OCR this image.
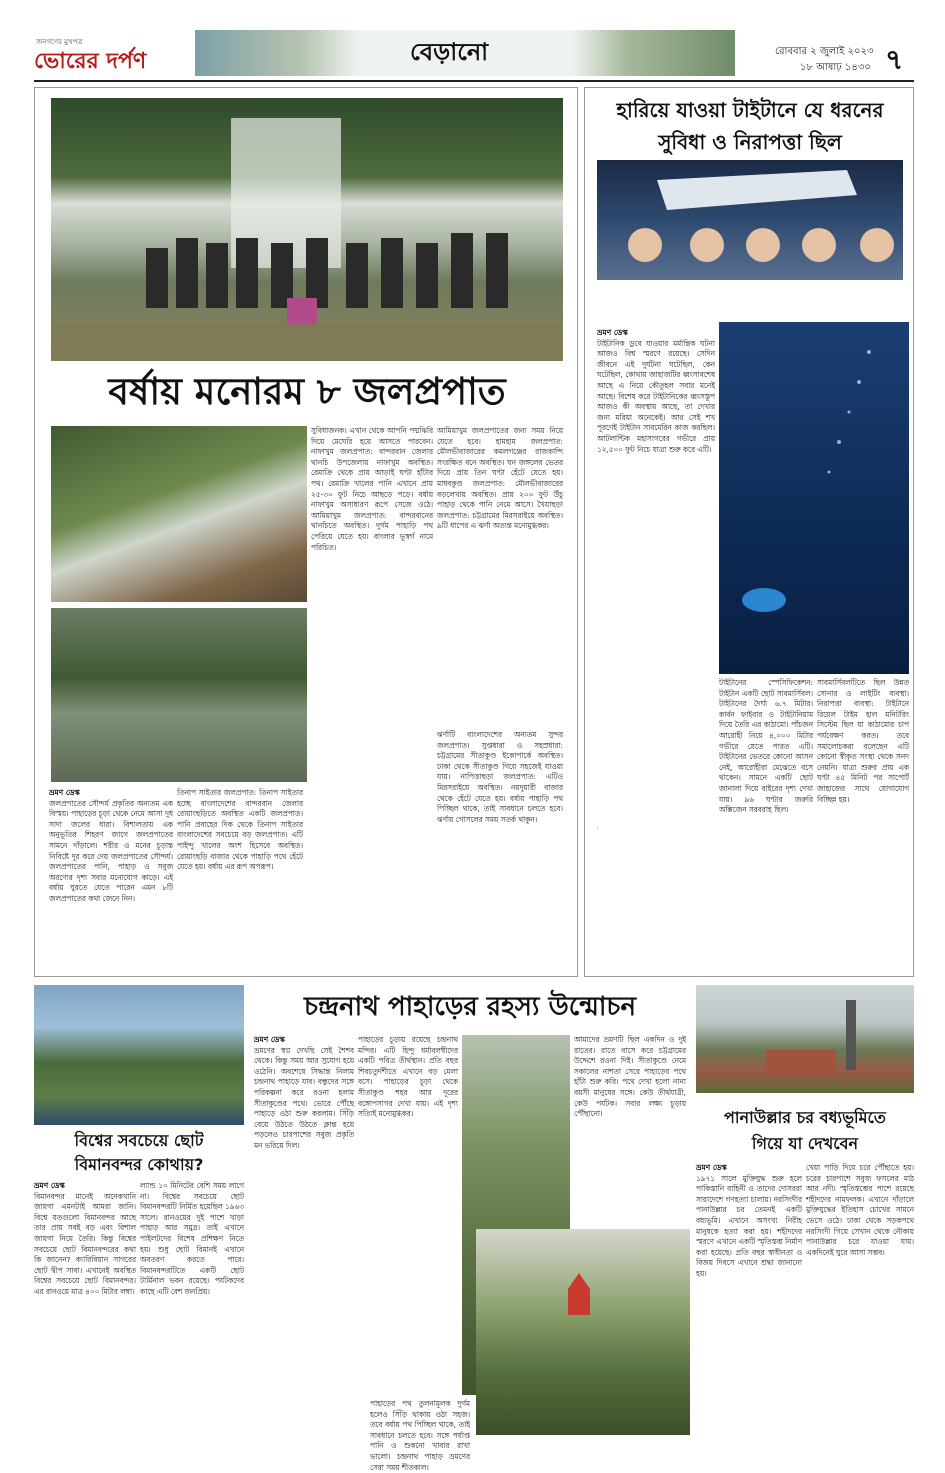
জনগণের মুখপত্র
ভোরের দর্পণ	বেড়ানো	রোববার ২ জুলাই ২০২৩
১৮ আষাঢ় ১৪৩০ ৭
বর্ষায় মনোরম ৮ জলপ্রপাত
ভ্রমণ ডেস্ক

জলপ্রপাতের সৌন্দর্য প্রকৃতির অন্যতম এক বিস্ময়। পাহাড়ের চূড়া থেকে নেমে আসা দুধ সাদা জলের ধারা। বিশালতায় এক অনুভূতির শিহরণ জাগে জলপ্রপাতের সামনে দাঁড়ালে। শরীর ও মনের চূড়ান্ত নিবিষ্টে দূর করে দেয় জলপ্রপাতের সৌন্দর্য। জলপ্রপাতের পানি, পাহাড় ও সবুজ অরণ্যের দৃশ্য সবার মনোযোগ কাড়ে। এই বর্ষায় ঘুরতে যেতে পারেন এমন ৮টি জলপ্রপাতের কথা জেনে নিন।

তিনাপ সাইতার জলপ্রপাত: তিনাপ সাইতার হচ্ছে বাংলাদেশের বান্দরবান জেলার রোয়াংছড়িতে অবস্থিত একটি জলপ্রপাত। পানি প্রবাহের দিক থেকে তিনাপ সাইতার বাংলাদেশের সবচেয়ে বড় জলপ্রপাত। এটি পাইন্দু খালের অংশ হিসেবে অবস্থিত। রোয়াংছড়ি বাজার থেকে পাহাড়ি পথে হেঁটে যেতে হয়। বর্ষায় এর রূপ অপরূপ।

সুবিধাজনক। এখান থেকে আপনি পদ্মঝিরি দিয়ে মেঘেরি হয়ে আসতে পারবেন। নাফাখুম জলপ্রপাত: বান্দরবান জেলার থানচি উপজেলায় নাফাখুম অবস্থিত। রেমাক্রি থেকে প্রায় আড়াই ঘণ্টা হাঁটার পথ। রেমাক্রি খালের পানি এখানে প্রায় ২৫-৩০ ফুট নিচে আছড়ে পড়ে। বর্ষায় নাফাখুম অসাধারণ রূপে সেজে ওঠে। আমিয়াখুম জলপ্রপাত: বান্দরবানের থানচিতে অবস্থিত। দুর্গম পাহাড়ি পথ পেরিয়ে যেতে হয়। বাংলার ভূস্বর্গ নামে পরিচিত।

আমিয়াখুম জলপ্রপাতের জন্য সময় নিয়ে যেতে হবে। হামহাম জলপ্রপাত: মৌলভীবাজারের কমলগঞ্জের রাজকান্দি সংরক্ষিত বনে অবস্থিত। ঘন জঙ্গলের ভেতর দিয়ে প্রায় তিন ঘণ্টা হেঁটে যেতে হয়। মাধবকুণ্ড জলপ্রপাত: মৌলভীবাজারের বড়লেখায় অবস্থিত। প্রায় ২০০ ফুট উঁচু পাহাড় থেকে পানি নেমে আসে। খৈয়াছড়া জলপ্রপাত: চট্টগ্রামের মিরসরাইয়ে অবস্থিত। ৯টি ধাপের এ ঝর্ণা অত্যন্ত মনোমুগ্ধকর।

ঝর্ণাটি বাংলাদেশের অন্যতম সুন্দর জলপ্রপাত। সুপ্তধারা ও সহস্রধারা: চট্টগ্রামের সীতাকুণ্ড ইকোপার্কে অবস্থিত। ঢাকা থেকে সীতাকুণ্ড গিয়ে সহজেই যাওয়া যায়। নাপিত্তাছড়া জলপ্রপাত: এটিও মিরসরাইয়ে অবস্থিত। নয়দুয়ারী বাজার থেকে হেঁটে যেতে হয়। বর্ষায় পাহাড়ি পথ পিচ্ছিল থাকে, তাই সাবধানে চলতে হবে। ঝর্ণায় গোসলের সময় সতর্ক থাকুন।

হারিয়ে যাওয়া টাইটানে যে ধরনের
সুবিধা ও নিরাপত্তা ছিল
ভ্রমণ ডেস্ক

টাইটানিক ডুবে যাওয়ার মর্মান্তিক ঘটনা আজও বিশ্ব স্মরণে রয়েছে। সেদিন জীবনে এই দুর্ঘটনা ঘটেছিল, কেন ঘটেছিল, কোথায় জাহাজটির ধ্বংসাবশেষ আছে এ নিয়ে কৌতূহল সবার মনেই আছে। বিশেষ করে টাইটানিকের ধ্বংসস্তূপ আজও কী অবস্থায় আছে, তা দেখার জন্য মরিয়া অনেকেই। আর সেই শখ পূরণেই টাইটান সাবমেরিন কাজ করছিল। আটলান্টিক মহাসাগরের গভীরে প্রায় ১২,৫০০ ফুট নিচে যাত্রা শুরু করে এটি।

টাইটানের স্পেসিফিকেশন: টাইটান একটি ছোট সাবমার্সিবল। টাইটানের দৈর্ঘ্য ৬.৭ মিটার। কার্বন ফাইবার ও টাইটানিয়াম দিয়ে তৈরি এর কাঠামো। পাঁচজন আরোহী নিয়ে ৪,০০০ মিটার গভীরে যেতে পারত এটি। টাইটানের ভেতরে কোনো আসন নেই, আরোহীরা মেঝেতে বসে থাকেন। সামনে একটি ছোট জানালা দিয়ে বাইরের দৃশ্য দেখা যায়। ৯৬ ঘণ্টার জরুরি অক্সিজেন সরবরাহ ছিল।

সাবমার্সিবলটিতে ছিল উন্নত সোনার ও লাইটিং ব্যবস্থা। নিরাপত্তা ব্যবস্থা: টাইটানে রিয়েল টাইম হাল মনিটরিং সিস্টেম ছিল যা কাঠামোর চাপ পর্যবেক্ষণ করত। তবে সমালোচকরা বলেছেন এটি কোনো স্বীকৃত সংস্থা থেকে সনদ নেয়নি। যাত্রা শুরুর প্রায় এক ঘণ্টা ৪৫ মিনিট পর সাপোর্ট জাহাজের সাথে যোগাযোগ বিচ্ছিন্ন হয়।

বিশ্বের সবচেয়ে ছোট
বিমানবন্দর কোথায়?
ভ্রমণ ডেস্ক

বিমানবন্দর মানেই অনেকখানি জায়গা এমনটাই আমরা জানি। বিশ্বে যতগুলো বিমানবন্দর আছে তার প্রায় সবই বড় এবং বিশাল জায়গা নিয়ে তৈরি। কিন্তু বিশ্বের সবচেয়ে ছোট বিমানবন্দরের কথা কি জানেন? ক্যারিবিয়ান সাগরের ছোট দ্বীপ সাবা। এখানেই অবস্থিত বিশ্বের সবচেয়ে ছোট বিমানবন্দর। এর রানওয়ে মাত্র ৪০০ মিটার লম্বা।

ল্যান্ড ১০ মিনিটের বেশি সময় লাগে না। বিশ্বের সবচেয়ে ছোট বিমানবন্দরটি নির্মিত হয়েছিল ১৯৬৩ সালে। রানওয়ের দুই পাশে খাড়া পাহাড় আর সমুদ্র। তাই এখানে পাইলটদের বিশেষ প্রশিক্ষণ নিতে হয়। শুধু ছোট বিমানই এখানে অবতরণ করতে পারে। বিমানবন্দরটিতে একটি ছোট টার্মিনাল ভবন রয়েছে। পর্যটকদের কাছে এটি বেশ জনপ্রিয়।

চন্দ্রনাথ পাহাড়ের রহস্য উন্মোচন
ভ্রমণ ডেস্ক

ভ্রমণের স্বপ্ন দেখছি সেই শৈশব থেকে। কিন্তু সময় আর সুযোগ হয়ে ওঠেনি। অবশেষে সিদ্ধান্ত নিলাম চন্দ্রনাথ পাহাড়ে যাব। বন্ধুদের সঙ্গে পরিকল্পনা করে রওনা হলাম সীতাকুণ্ডের পথে। ভোরে পৌঁছে পাহাড়ে ওঠা শুরু করলাম। সিঁড়ি বেয়ে উঠতে উঠতে ক্লান্ত হয়ে পড়লেও চারপাশের সবুজ প্রকৃতি মন ভরিয়ে দিল।

পাহাড়ের চূড়ায় রয়েছে চন্দ্রনাথ মন্দির। এটি হিন্দু ধর্মাবলম্বীদের একটি পবিত্র তীর্থস্থান। প্রতি বছর শিবচতুর্দশীতে এখানে বড় মেলা বসে। পাহাড়ের চূড়া থেকে সীতাকুণ্ড শহর আর দূরের বঙ্গোপসাগর দেখা যায়। এই দৃশ্য সত্যিই মনোমুগ্ধকর।

আমাদের ভ্রমণটি ছিল একদিন ও দুই রাতের। রাতে বাসে করে চট্টগ্রামের উদ্দেশে রওনা দিই। সীতাকুণ্ডে নেমে সকালের নাশতা সেরে পাহাড়ের পথে হাঁটা শুরু করি। পথে দেখা হলো নানা বয়সী মানুষের সঙ্গে। কেউ তীর্থযাত্রী, কেউ পর্যটক। সবার লক্ষ্য চূড়ায় পৌঁছানো।

পাহাড়ের পথ তুলনামূলক দুর্গম হলেও সিঁড়ি থাকায় ওঠা সহজ। তবে বর্ষায় পথ পিচ্ছিল থাকে, তাই সাবধানে চলতে হবে। সঙ্গে পর্যাপ্ত পানি ও শুকনো খাবার রাখা ভালো। চন্দ্রনাথ পাহাড় ভ্রমণের সেরা সময় শীতকাল।

পানাউল্লার চর বধ্যভূমিতে
গিয়ে যা দেখবেন
ভ্রমণ ডেস্ক

১৯৭১ সালে মুক্তিযুদ্ধ শুরু হলে পাকিস্তানি বাহিনী ও তাদের দোসররা সারাদেশে গণহত্যা চালায়। নরসিংদীর পানাউল্লার চর তেমনই একটি বধ্যভূমি। এখানে অসংখ্য নিরীহ মানুষকে হত্যা করা হয়। শহীদদের স্মরণে এখানে একটি স্মৃতিস্তম্ভ নির্মাণ করা হয়েছে। প্রতি বছর স্বাধীনতা ও বিজয় দিবসে এখানে শ্রদ্ধা জানানো হয়।

খেয়া পাড়ি দিয়ে চরে পৌঁছাতে হয়। চরের চারপাশে সবুজ ফসলের মাঠ আর নদী। স্মৃতিস্তম্ভের পাশে রয়েছে শহীদদের নামফলক। এখানে দাঁড়ালে মুক্তিযুদ্ধের ইতিহাস চোখের সামনে ভেসে ওঠে। ঢাকা থেকে সড়কপথে নরসিংদী গিয়ে সেখান থেকে নৌকায় পানাউল্লার চরে যাওয়া যায়। একদিনেই ঘুরে আসা সম্ভব।
